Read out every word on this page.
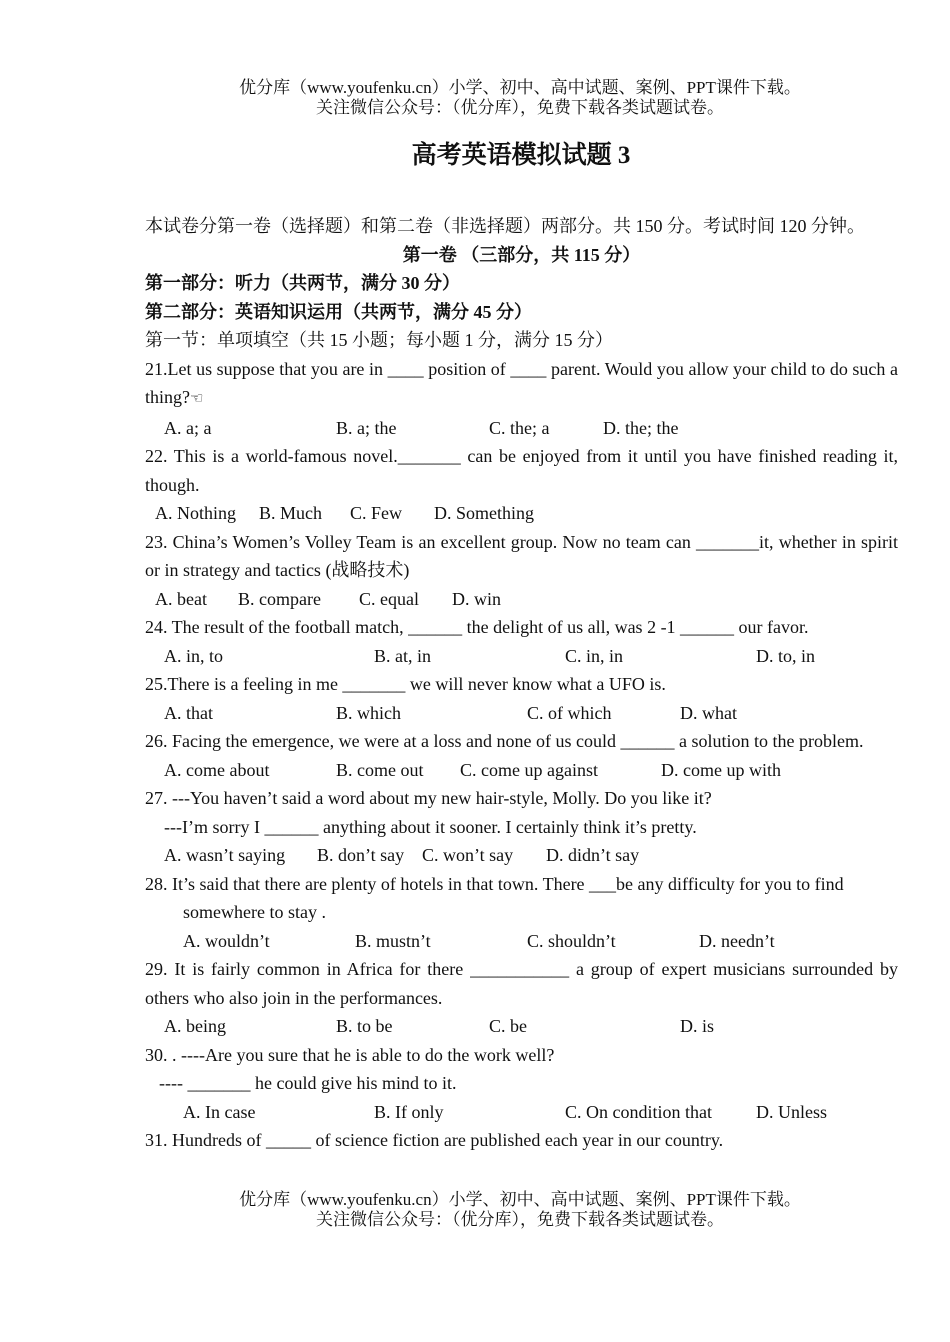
优分库（www.youfenku.cn）小学、初中、高中试题、案例、PPT课件下载。
关注微信公众号：（优分库），免费下载各类试题试卷。
高考英语模拟试题 3

本试卷分第一卷（选择题）和第二卷（非选择题）两部分。共 150 分。考试时间 120 分钟。

第一卷 （三部分，共 115 分）

第一部分：听力（共两节，满分 30 分）

第二部分：英语知识运用（共两节，满分 45 分）

第一节：单项填空（共 15 小题；每小题 1 分，满分 15 分）

21.Let us suppose that you are in ____ position of ____ parent. Would you allow your child to do such a thing?☜

A. a; a	B. a; the	C. the; a	D. the; the

22. This is a world-famous novel._______ can be enjoyed from it until you have finished reading it, though.

A. Nothing B. Much C. Few D. Something

23. China’s Women’s Volley Team is an excellent group. Now no team can _______it, whether in spirit or in strategy and tactics (战略技术)

A. beat B. compare C. equal D. win

24. The result of the football match, ______ the delight of us all, was 2 -1 ______ our favor.

A. in, to	B. at, in	C. in, in	D. to, in

25.There is a feeling in me _______ we will never know what a UFO is.

A. that	B. which	C. of which	D. what

26. Facing the emergence, we were at a loss and none of us could ______ a solution to the problem.

A. come about	B. come out C. come up against	D. come up with

27. ---You haven’t said a word about my new hair-style, Molly. Do you like it?

---I’m sorry I ______ anything about it sooner. I certainly think it’s pretty.

A. wasn’t saying B. don’t say C. won’t say D. didn’t say

28. It’s said that there are plenty of hotels in that town. There ___be any difficulty for you to find

somewhere to stay .

A. wouldn’t	B. mustn’t	C. shouldn’t	D. needn’t

29. It is fairly common in Africa for there ___________ a group of expert musicians surrounded by others who also join in the performances.

A. being	B. to be	C. be	D. is

30. . ----Are you sure that he is able to do the work well?

---- _______ he could give his mind to it.

A. In case	B. If only	C. On condition that D. Unless

31. Hundreds of _____ of science fiction are published each year in our country.

优分库（www.youfenku.cn）小学、初中、高中试题、案例、PPT课件下载。
关注微信公众号：（优分库），免费下载各类试题试卷。
